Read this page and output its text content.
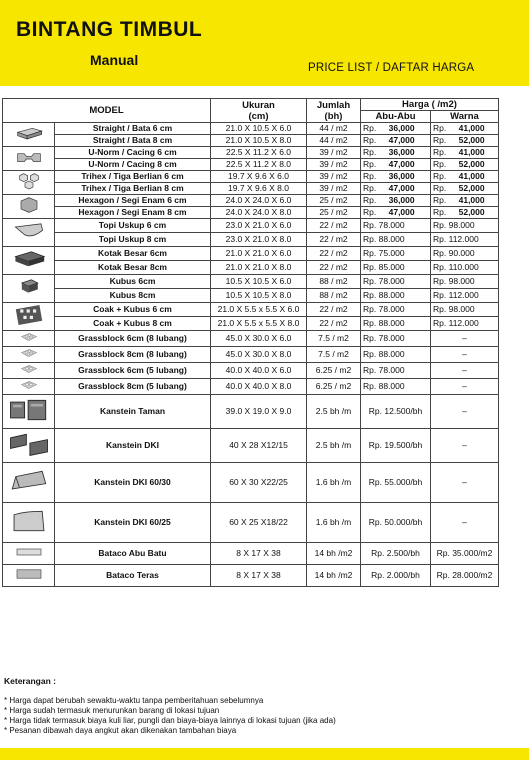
BINTANG TIMBUL
Manual	PRICE LIST / DAFTAR HARGA
MODEL		Ukuran
(cm)	Jumlah
(bh)	Harga ( /m2)	
				Abu-Abu	Warna
	Straight / Bata 6 cm	21.0 X 10.5 X 6.0	44 / m2	Rp. 36,000	Rp. 41,000
	Straight / Bata 8 cm	21.0 X 10.5 X 8.0	44 / m2	Rp. 47,000	Rp. 52,000
	U-Norm / Cacing 6 cm	22.5 X 11.2 X 6.0	39 / m2	Rp. 36,000	Rp. 41,000
	U-Norm / Cacing 8 cm	22.5 X 11.2 X 8.0	39 / m2	Rp. 47,000	Rp. 52,000
	Trihex / Tiga Berlian 6 cm	19.7 X 9.6 X 6.0	39 / m2	Rp. 36,000	Rp. 41,000
	Trihex / Tiga Berlian 8 cm	19.7 X 9.6 X 8.0	39 / m2	Rp. 47,000	Rp. 52,000
	Hexagon / Segi Enam 6 cm	24.0 X 24.0 X 6.0	25 / m2	Rp. 36,000	Rp. 41,000
	Hexagon / Segi Enam 8 cm	24.0 X 24.0 X 8.0	25 / m2	Rp. 47,000	Rp. 52,000
	Topi Uskup 6 cm	23.0 X 21.0 X 6.0	22 / m2	Rp. 78.000	Rp. 98.000
	Topi Uskup 8 cm	23.0 X 21.0 X 8.0	22 / m2	Rp. 88.000	Rp. 112.000
	Kotak Besar 6cm	21.0 X 21.0 X 6.0	22 / m2	Rp. 75.000	Rp. 90.000
	Kotak Besar 8cm	21.0 X 21.0 X 8.0	22 / m2	Rp. 85.000	Rp. 110.000
	Kubus 6cm	10.5 X 10.5 X 6.0	88 / m2	Rp. 78.000	Rp. 98.000
	Kubus 8cm	10.5 X 10.5 X 8.0	88 / m2	Rp. 88.000	Rp. 112.000
	Coak + Kubus 6 cm	21.0 X 5.5 x 5.5 X 6.0	22 / m2	Rp. 78.000	Rp. 98.000
	Coak + Kubus 8 cm	21.0 X 5.5 x 5.5 X 8.0	22 / m2	Rp. 88.000	Rp. 112.000
	Grassblock 6cm (8 lubang)	45.0 X 30.0 X 6.0	7.5 / m2	Rp. 78.000	–
	Grassblock 8cm (8 lubang)	45.0 X 30.0 X 8.0	7.5 / m2	Rp. 88.000	–
	Grassblock 6cm (5 lubang)	40.0 X 40.0 X 6.0	6.25 / m2	Rp. 78.000	–
	Grassblock 8cm (5 lubang)	40.0 X 40.0 X 8.0	6.25 / m2	Rp. 88.000	–
	Kanstein Taman	39.0 X 19.0 X 9.0	2.5 bh /m	Rp. 12.500/bh	–
	Kanstein DKI	40 X 28 X12/15	2.5 bh /m	Rp. 19.500/bh	–
	Kanstein DKI 60/30	60 X 30 X22/25	1.6 bh /m	Rp. 55.000/bh	–
	Kanstein DKI 60/25	60 X 25 X18/22	1.6 bh /m	Rp. 50.000/bh	–
	Bataco Abu Batu	8 X 17 X 38	14 bh /m2	Rp. 2.500/bh	Rp. 35.000/m2
	Bataco Teras	8 X 17 X 38	14 bh /m2	Rp. 2.000/bh	Rp. 28.000/m2
Keterangan :
* Harga dapat berubah sewaktu-waktu tanpa pemberitahuan sebelumnya
* Harga sudah termasuk menurunkan barang di lokasi tujuan
* Harga tidak termasuk biaya kuli liar, pungli dan biaya-biaya lainnya di lokasi tujuan (jika ada)
* Pesanan dibawah daya angkut akan dikenakan tambahan biaya
